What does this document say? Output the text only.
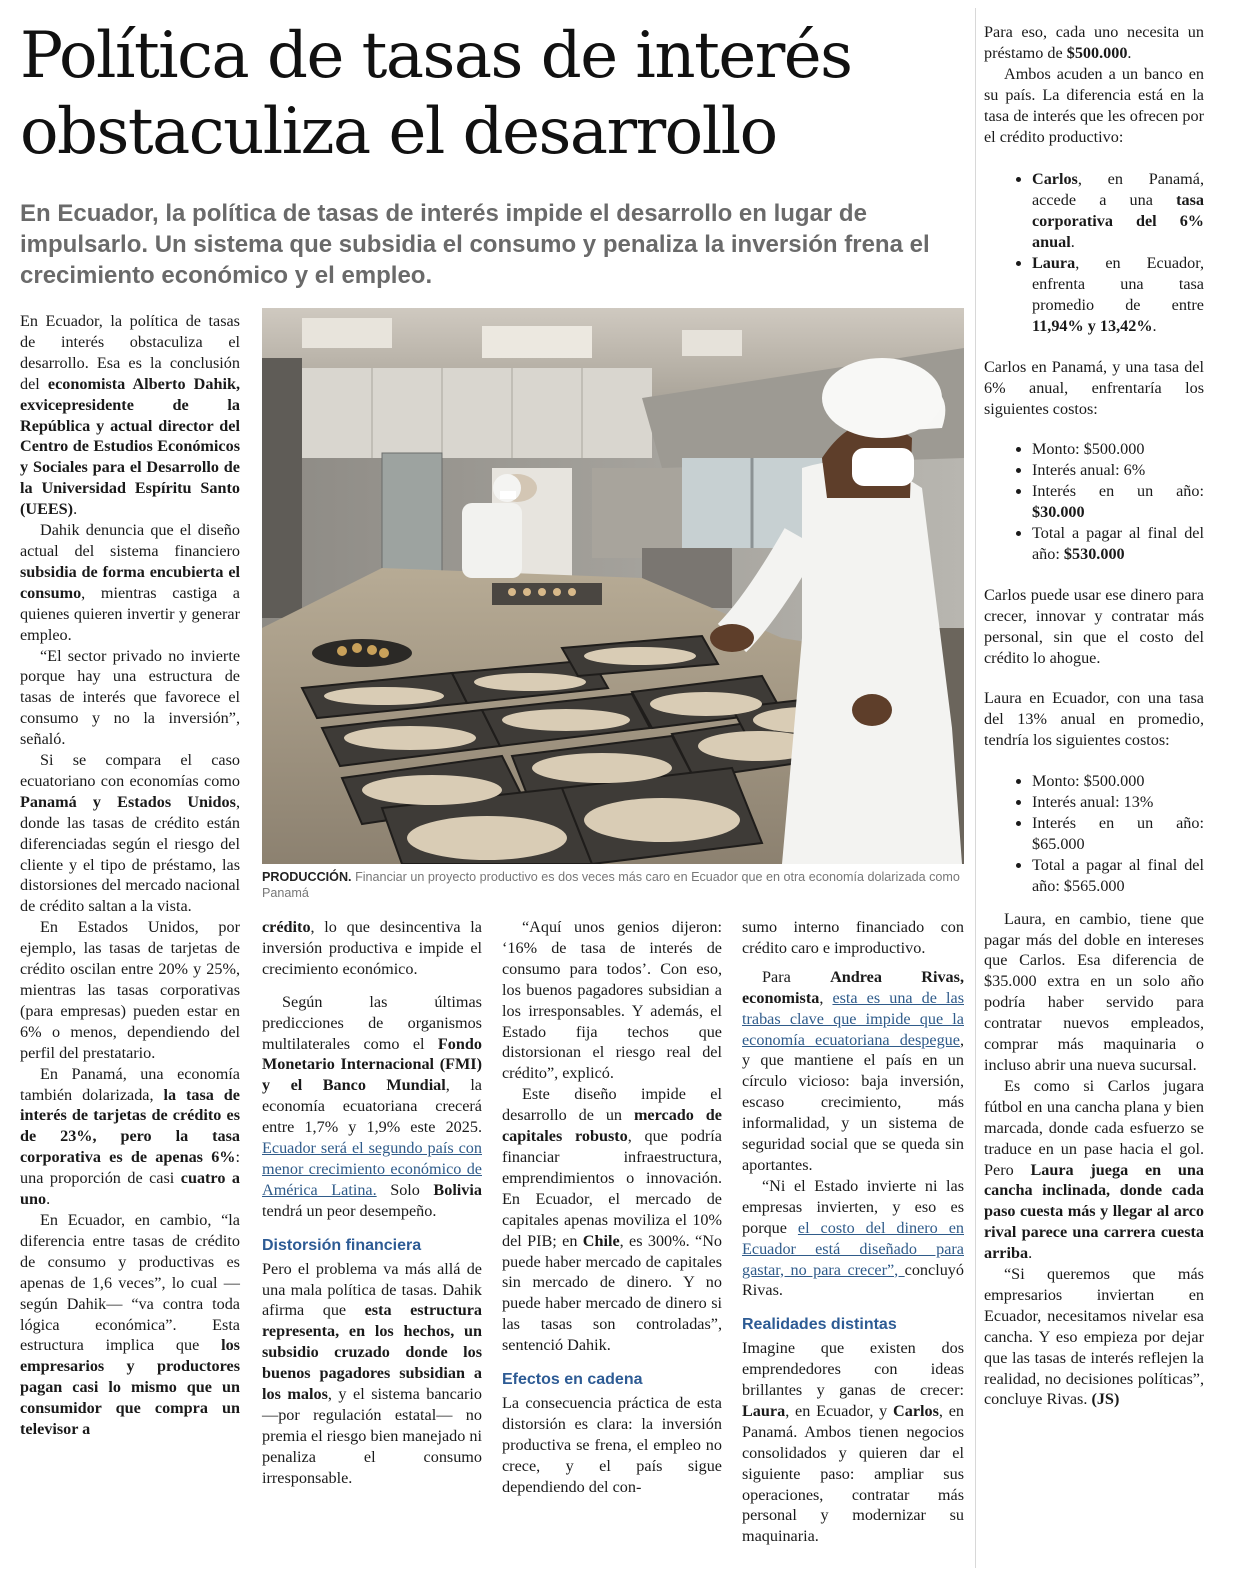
Política de tasas de interés obstaculiza el desarrollo

En Ecuador, la política de tasas de interés impide el desarrollo en lugar de impulsarlo. Un sistema que subsidia el consumo y penaliza la inversión frena el crecimiento económico y el empleo.

En Ecuador, la política de tasas de interés obstaculiza el desarrollo. Esa es la conclusión del economista Alberto Dahik, exvicepresidente de la República y actual director del Centro de Estudios Económicos y Sociales para el Desarrollo de la Universidad Espíritu Santo (UEES).

Dahik denuncia que el diseño actual del sistema financiero subsidia de forma encubierta el consumo, mientras castiga a quienes quieren invertir y generar empleo.

“El sector privado no invierte porque hay una estructura de tasas de interés que favorece el consumo y no la inversión”, señaló.

Si se compara el caso ecuatoriano con economías como Panamá y Estados Unidos, donde las tasas de crédito están diferenciadas según el riesgo del cliente y el tipo de préstamo, las distorsiones del mercado nacional de crédito saltan a la vista.

En Estados Unidos, por ejemplo, las tasas de tarjetas de crédito oscilan entre 20% y 25%, mientras las tasas corporativas (para empresas) pueden estar en 6% o menos, dependiendo del perfil del prestatario.

En Panamá, una economía también dolarizada, la tasa de interés de tarjetas de crédito es de 23%, pero la tasa corporativa es de apenas 6%: una proporción de casi cuatro a uno.

En Ecuador, en cambio, “la diferencia entre tasas de crédito de consumo y productivas es apenas de 1,6 veces”, lo cual —según Dahik— “va contra toda lógica económica”. Esta estructura implica que los empresarios y productores pagan casi lo mismo que un consumidor que compra un televisor a

PRODUCCIÓN. Financiar un proyecto productivo es dos veces más caro en Ecuador que en otra economía dolarizada como Panamá

crédito, lo que desincentiva la inversión productiva e impide el crecimiento económico.

Según las últimas predicciones de organismos multilaterales como el Fondo Monetario Internacional (FMI) y el Banco Mundial, la economía ecuatoriana crecerá entre 1,7% y 1,9% este 2025. Ecuador será el segundo país con menor crecimiento económico de América Latina. Solo Bolivia tendrá un peor desempeño.

Distorsión financiera

Pero el problema va más allá de una mala política de tasas. Dahik afirma que esta estructura representa, en los hechos, un subsidio cruzado donde los buenos pagadores subsidian a los malos, y el sistema bancario —por regulación estatal— no premia el riesgo bien manejado ni penaliza el consumo irresponsable.

“Aquí unos genios dijeron: ‘16% de tasa de interés de consumo para todos’. Con eso, los buenos pagadores subsidian a los irresponsables. Y además, el Estado fija techos que distorsionan el riesgo real del crédito”, explicó.

Este diseño impide el desarrollo de un mercado de capitales robusto, que podría financiar infraestructura, emprendimientos o innovación. En Ecuador, el mercado de capitales apenas moviliza el 10% del PIB; en Chile, es 300%. “No puede haber mercado de capitales sin mercado de dinero. Y no puede haber mercado de dinero si las tasas son controladas”, sentenció Dahik.

Efectos en cadena

La consecuencia práctica de esta distorsión es clara: la inversión productiva se frena, el empleo no crece, y el país sigue dependiendo del con-

sumo interno financiado con crédito caro e improductivo.

Para Andrea Rivas, economista, esta es una de las trabas clave que impide que la economía ecuatoriana despegue, y que mantiene el país en un círculo vicioso: baja inversión, escaso crecimiento, más informalidad, y un sistema de seguridad social que se queda sin aportantes.

“Ni el Estado invierte ni las empresas invierten, y eso es porque el costo del dinero en Ecuador está diseñado para gastar, no para crecer”, concluyó Rivas.

Realidades distintas

Imagine que existen dos emprendedores con ideas brillantes y ganas de crecer: Laura, en Ecuador, y Carlos, en Panamá. Ambos tienen negocios consolidados y quieren dar el siguiente paso: ampliar sus operaciones, contratar más personal y modernizar su maquinaria.

Para eso, cada uno necesita un préstamo de $500.000.

Ambos acuden a un banco en su país. La diferencia está en la tasa de interés que les ofrecen por el crédito productivo:

• Carlos, en Panamá, accede a una tasa corporativa del 6% anual.
• Laura, en Ecuador, enfrenta una tasa promedio de entre 11,94% y 13,42%.

Carlos en Panamá, y una tasa del 6% anual, enfrentaría los siguientes costos:

• Monto: $500.000
• Interés anual: 6%
• Interés en un año: $30.000
• Total a pagar al final del año: $530.000

Carlos puede usar ese dinero para crecer, innovar y contratar más personal, sin que el costo del crédito lo ahogue.

Laura en Ecuador, con una tasa del 13% anual en promedio, tendría los siguientes costos:

• Monto: $500.000
• Interés anual: 13%
• Interés en un año: $65.000
• Total a pagar al final del año: $565.000

Laura, en cambio, tiene que pagar más del doble en intereses que Carlos. Esa diferencia de $35.000 extra en un solo año podría haber servido para contratar nuevos empleados, comprar más maquinaria o incluso abrir una nueva sucursal.

Es como si Carlos jugara fútbol en una cancha plana y bien marcada, donde cada esfuerzo se traduce en un pase hacia el gol. Pero Laura juega en una cancha inclinada, donde cada paso cuesta más y llegar al arco rival parece una carrera cuesta arriba.

“Si queremos que más empresarios inviertan en Ecuador, necesitamos nivelar esa cancha. Y eso empieza por dejar que las tasas de interés reflejen la realidad, no decisiones políticas”, concluye Rivas. (JS)
